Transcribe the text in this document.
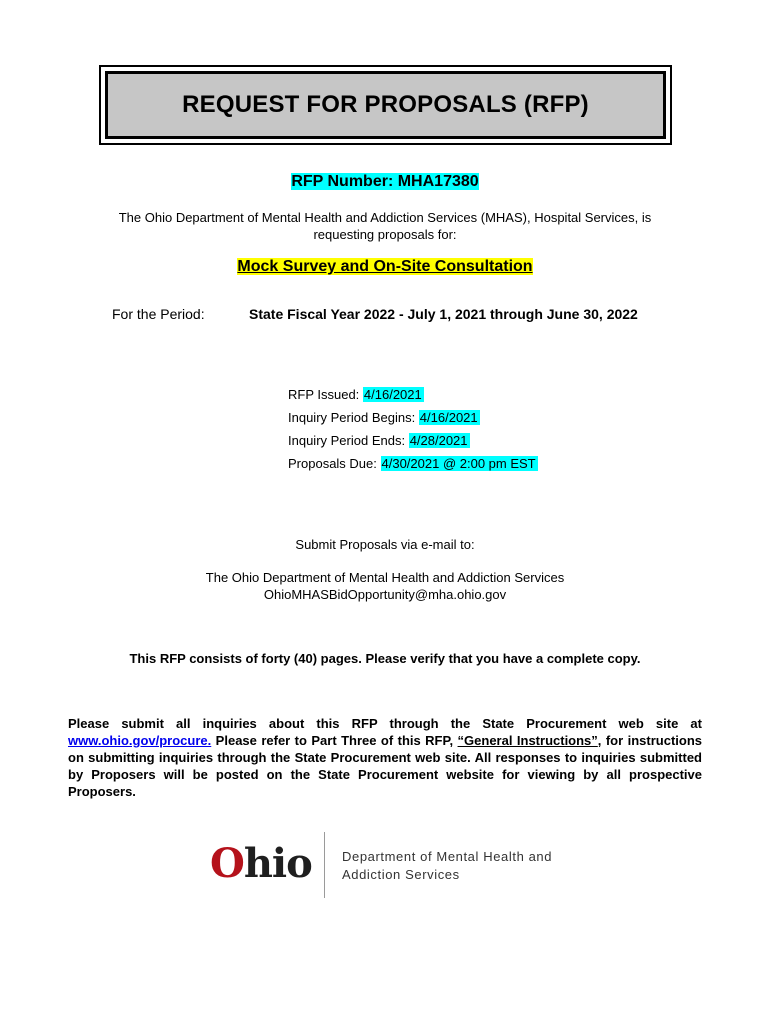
REQUEST FOR PROPOSALS (RFP)
RFP Number: MHA17380
The Ohio Department of Mental Health and Addiction Services (MHAS), Hospital Services, is
requesting proposals for:
Mock Survey and On-Site Consultation
For the Period:	State Fiscal Year 2022 - July 1, 2021 through June 30, 2022
RFP Issued: 4/16/2021
Inquiry Period Begins: 4/16/2021
Inquiry Period Ends: 4/28/2021
Proposals Due: 4/30/2021 @ 2:00 pm EST
Submit Proposals via e-mail to:
The Ohio Department of Mental Health and Addiction Services
OhioMHASBidOpportunity@mha.ohio.gov
This RFP consists of forty (40) pages. Please verify that you have a complete copy.
Please submit all inquiries about this RFP through the State Procurement web site at www.ohio.gov/procure. Please refer to Part Three of this RFP, “General Instructions”, for instructions on submitting inquiries through the State Procurement web site. All responses to inquiries submitted by Proposers will be posted on the State Procurement website for viewing by all prospective Proposers.
Ohio Department of Mental Health and
Addiction Services
